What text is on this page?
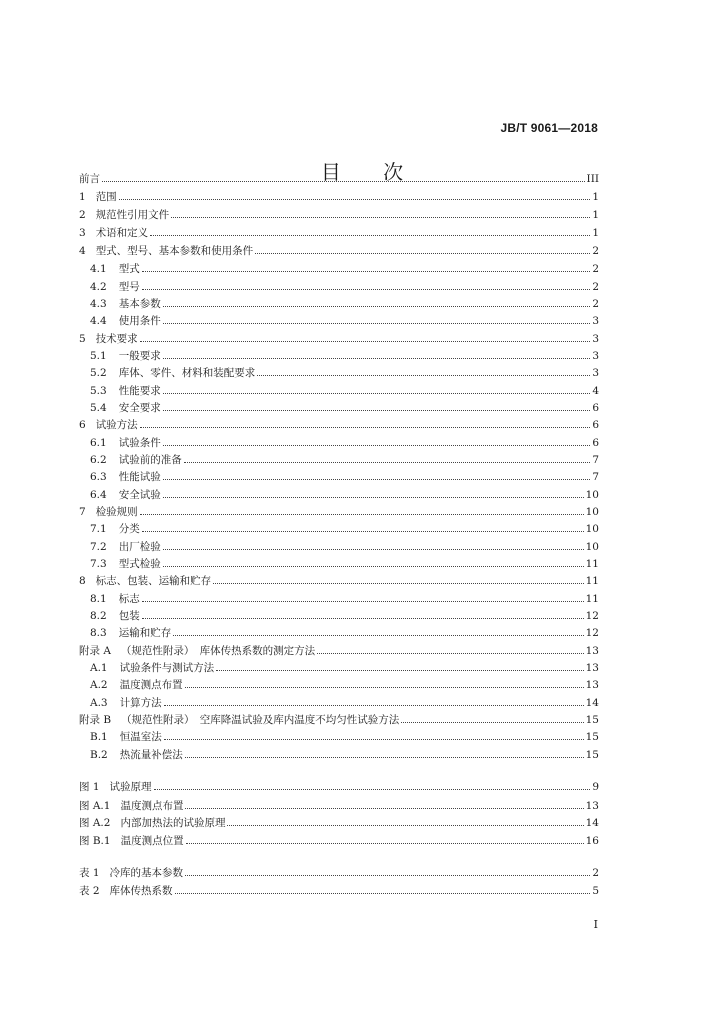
JB/T 9061—2018
目 次
前言	III
1 范围	1
2 规范性引用文件	1
3 术语和定义	1
4 型式、型号、基本参数和使用条件	2
4.1 型式	2
4.2 型号	2
4.3 基本参数	2
4.4 使用条件	3
5 技术要求	3
5.1 一般要求	3
5.2 库体、零件、材料和装配要求	3
5.3 性能要求	4
5.4 安全要求	6
6 试验方法	6
6.1 试验条件	6
6.2 试验前的准备	7
6.3 性能试验	7
6.4 安全试验	10
7 检验规则	10
7.1 分类	10
7.2 出厂检验	10
7.3 型式检验	11
8 标志、包装、运输和贮存	11
8.1 标志	11
8.2 包装	12
8.3 运输和贮存	12
附录 A （规范性附录）　库体传热系数的测定方法	13
A.1 试验条件与测试方法	13
A.2 温度测点布置	13
A.3 计算方法	14
附录 B （规范性附录）　空库降温试验及库内温度不均匀性试验方法	15
B.1 恒温室法	15
B.2 热流量补偿法	15
图 1 试验原理	9
图 A.1 温度测点布置	13
图 A.2 内部加热法的试验原理	14
图 B.1 温度测点位置	16
表 1 冷库的基本参数	2
表 2 库体传热系数	5
I
